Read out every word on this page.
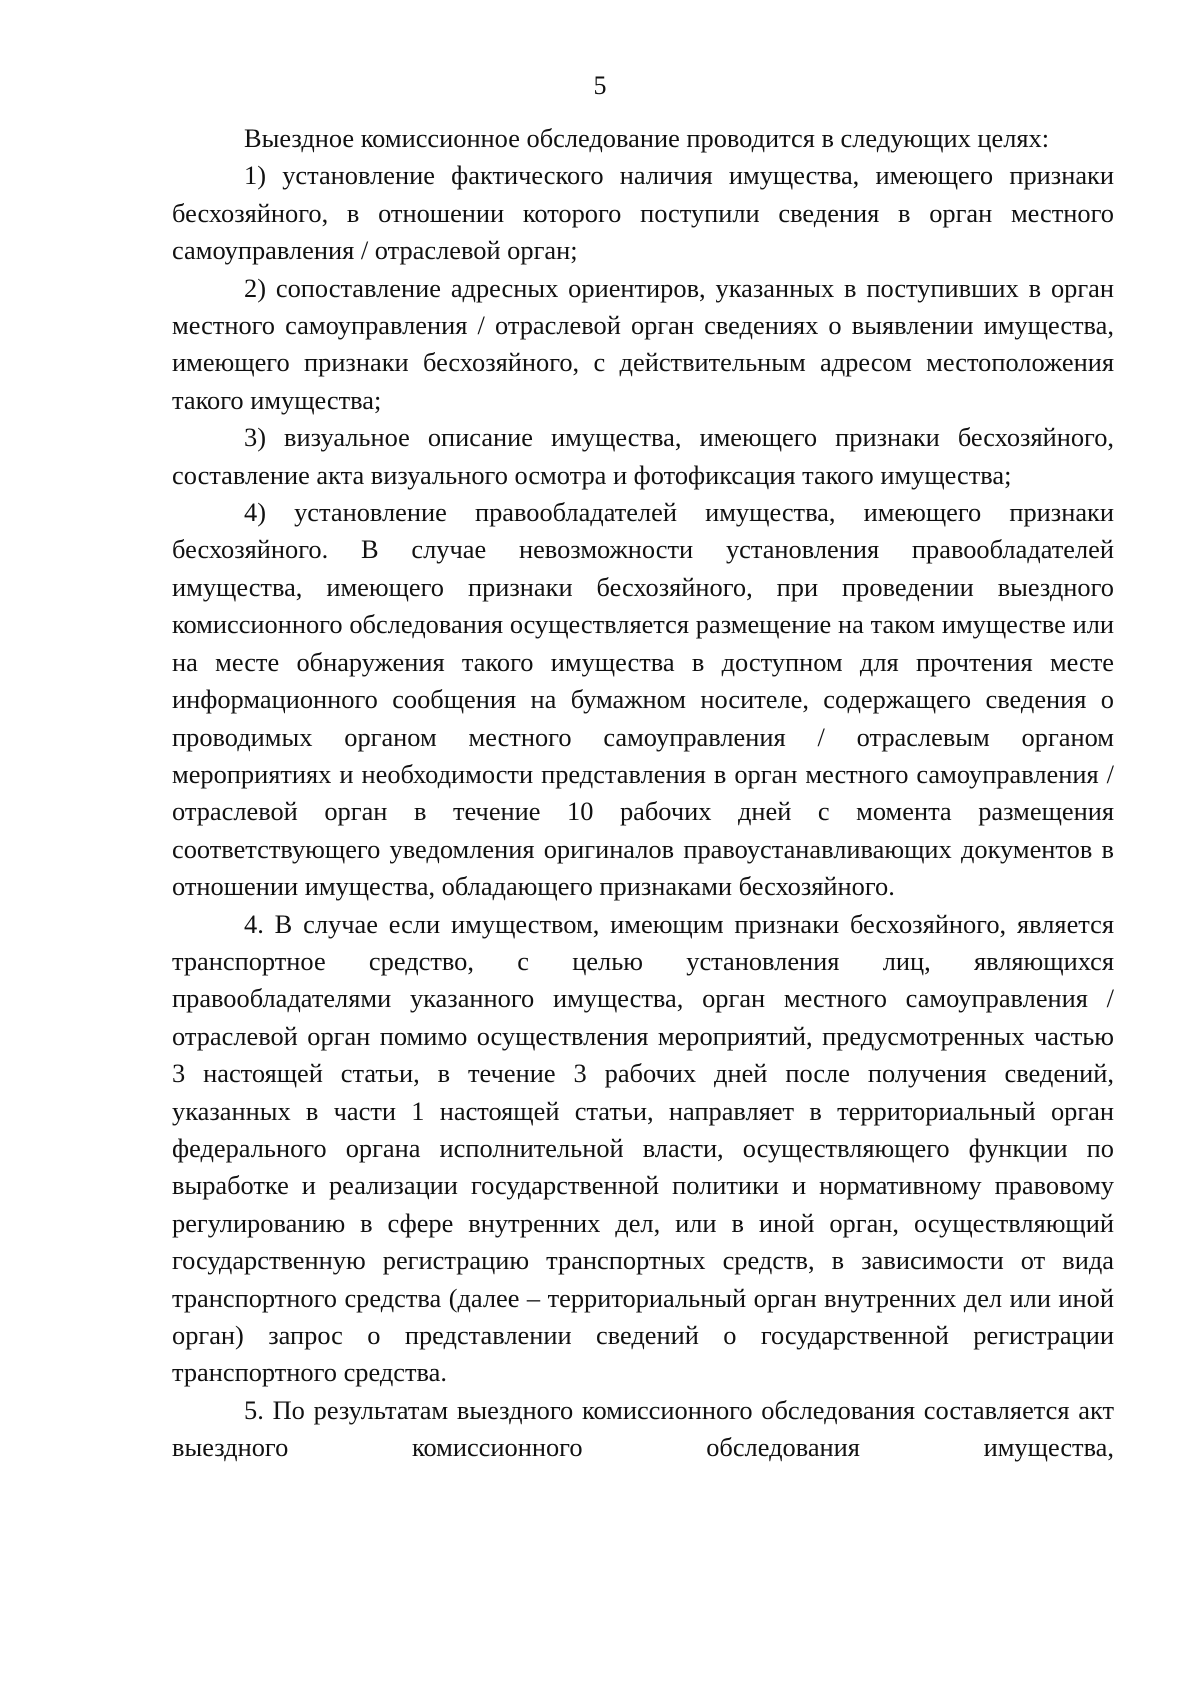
5

Выездное комиссионное обследование проводится в следующих целях:

1) установление фактического наличия имущества, имеющего признаки бесхозяйного, в отношении которого поступили сведения в орган местного самоуправления / отраслевой орган;

2) сопоставление адресных ориентиров, указанных в поступивших в орган местного самоуправления / отраслевой орган сведениях о выявлении имущества, имеющего признаки бесхозяйного, с действительным адресом местоположения такого имущества;

3) визуальное описание имущества, имеющего признаки бесхозяйного, составление акта визуального осмотра и фотофиксация такого имущества;

4) установление правообладателей имущества, имеющего признаки бесхозяйного. В случае невозможности установления правообладателей имущества, имеющего признаки бесхозяйного, при проведении выездного комиссионного обследования осуществляется размещение на таком имуществе или на месте обнаружения такого имущества в доступном для прочтения месте информационного сообщения на бумажном носителе, содержащего сведения о проводимых органом местного самоуправления / отраслевым органом мероприятиях и необходимости представления в орган местного самоуправления / отраслевой орган в течение 10 рабочих дней с момента размещения соответствующего уведомления оригиналов правоустанавливающих документов в отношении имущества, обладающего признаками бесхозяйного.

4. В случае если имуществом, имеющим признаки бесхозяйного, является транспортное средство, с целью установления лиц, являющихся правообладателями указанного имущества, орган местного самоуправления / отраслевой орган помимо осуществления мероприятий, предусмотренных частью 3 настоящей статьи, в течение 3 рабочих дней после получения сведений, указанных в части 1 настоящей статьи, направляет в территориальный орган федерального органа исполнительной власти, осуществляющего функции по выработке и реализации государственной политики и нормативному правовому регулированию в сфере внутренних дел, или в иной орган, осуществляющий государственную регистрацию транспортных средств, в зависимости от вида транспортного средства (далее – территориальный орган внутренних дел или иной орган) запрос о представлении сведений о государственной регистрации транспортного средства.

5. По результатам выездного комиссионного обследования составляется акт выездного комиссионного обследования имущества,
